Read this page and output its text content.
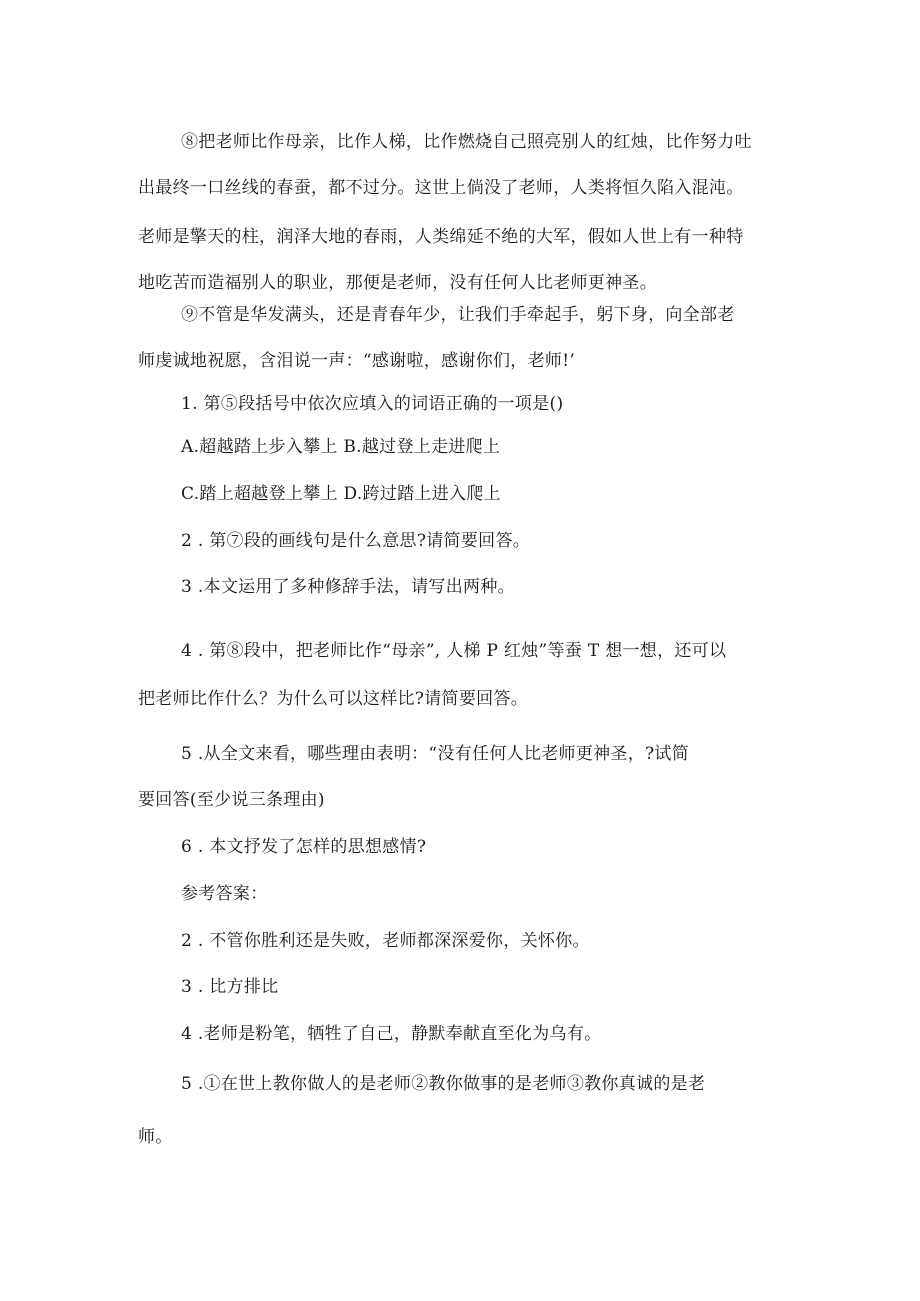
⑧把老师比作母亲，比作人梯，比作燃烧自己照亮别人的红烛，比作努力吐
出最终一口丝线的春蚕，都不过分。这世上倘没了老师，人类将恒久陷入混沌。
老师是擎天的柱，润泽大地的春雨，人类绵延不绝的大军，假如人世上有一种特
地吃苦而造福别人的职业，那便是老师，没有任何人比老师更神圣。
⑨不管是华发满头，还是青春年少，让我们手牵起手，躬下身，向全部老
师虔诚地祝愿，含泪说一声：“感谢啦，感谢你们，老师!’
1. 第⑤段括号中依次应填入的词语正确的一项是()
A.超越踏上步入攀上 B.越过登上走进爬上
C.踏上超越登上攀上 D.跨过踏上进入爬上
2 . 第⑦段的画线句是什么意思?请简要回答。
3 .本文运用了多种修辞手法，请写出两种。
4 . 第⑧段中，把老师比作“母亲”, 人梯 P 红烛”等蚕 T 想一想，还可以
把老师比作什么？为什么可以这样比?请简要回答。
5 .从全文来看，哪些理由表明：“没有任何人比老师更神圣，?试简
要回答(至少说三条理由)
6 . 本文抒发了怎样的思想感情?
参考答案：
2 . 不管你胜利还是失败，老师都深深爱你，关怀你。
3 . 比方排比
4 .老师是粉笔，牺牲了自己，静默奉献直至化为乌有。
5 .①在世上教你做人的是老师②教你做事的是老师③教你真诚的是老
师。
